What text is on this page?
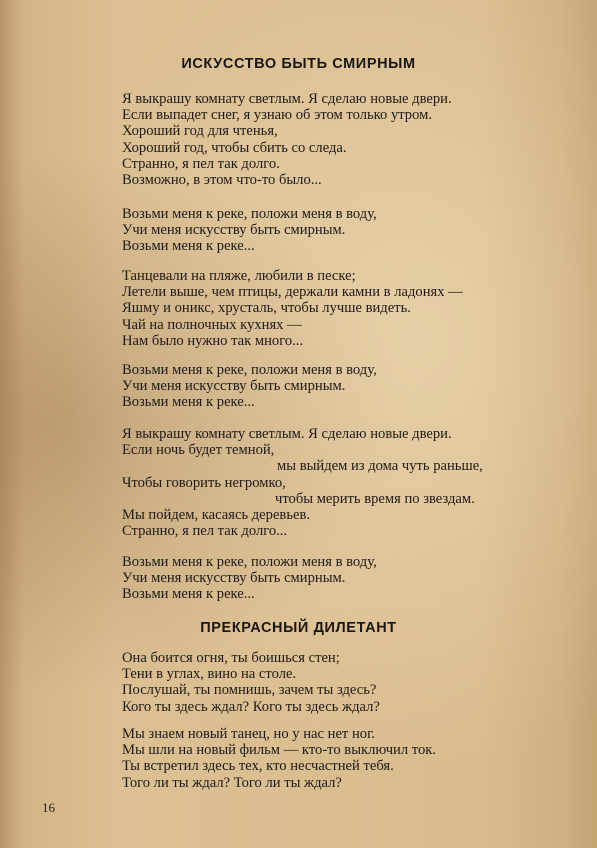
ИСКУССТВО БЫТЬ СМИРНЫМ
Я выкрашу комнату светлым. Я сделаю новые двери.
Если выпадет снег, я узнаю об этом только утром.
Хороший год для чтенья,
Хороший год, чтобы сбить со следа.
Странно, я пел так долго.
Возможно, в этом что-то было...
Возьми меня к реке, положи меня в воду,
Учи меня искусству быть смирным.
Возьми меня к реке...
Танцевали на пляже, любили в песке;
Летели выше, чем птицы, держали камни в ладонях —
Яшму и оникс, хрусталь, чтобы лучше видеть.
Чай на полночных кухнях —
Нам было нужно так много...
Возьми меня к реке, положи меня в воду,
Учи меня искусству быть смирным.
Возьми меня к реке...
Я выкрашу комнату светлым. Я сделаю новые двери.
Если ночь будет темной,
мы выйдем из дома чуть раньше,
Чтобы говорить негромко,
чтобы мерить время по звездам.
Мы пойдем, касаясь деревьев.
Странно, я пел так долго...
Возьми меня к реке, положи меня в воду,
Учи меня искусству быть смирным.
Возьми меня к реке...
ПРЕКРАСНЫЙ ДИЛЕТАНТ
Она боится огня, ты боишься стен;
Тени в углах, вино на столе.
Послушай, ты помнишь, зачем ты здесь?
Кого ты здесь ждал? Кого ты здесь ждал?
Мы знаем новый танец, но у нас нет ног.
Мы шли на новый фильм — кто-то выключил ток.
Ты встретил здесь тех, кто несчастней тебя.
Того ли ты ждал? Того ли ты ждал?
16
